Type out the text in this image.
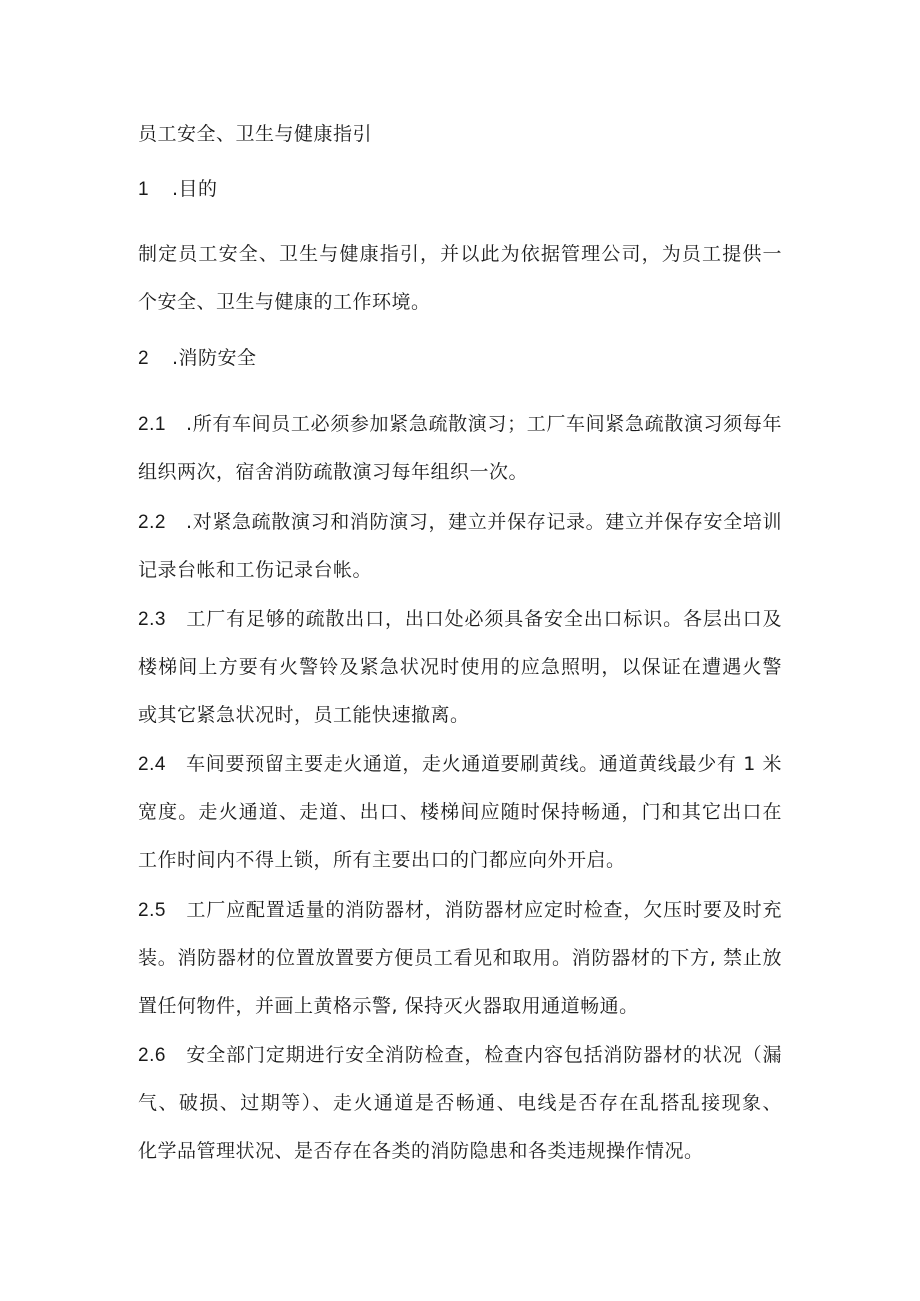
员工安全、卫生与健康指引
1 .目的
制定员工安全、卫生与健康指引，并以此为依据管理公司，为员工提供一
个安全、卫生与健康的工作环境。
2 .消防安全
2.1 .所有车间员工必须参加紧急疏散演习；工厂车间紧急疏散演习须每年
组织两次，宿舍消防疏散演习每年组织一次。
2.2 .对紧急疏散演习和消防演习，建立并保存记录。建立并保存安全培训
记录台帐和工伤记录台帐。
2.3 工厂有足够的疏散出口，出口处必须具备安全出口标识。各层出口及
楼梯间上方要有火警铃及紧急状况时使用的应急照明，以保证在遭遇火警
或其它紧急状况时，员工能快速撤离。
2.4 车间要预留主要走火通道，走火通道要刷黄线。通道黄线最少有 1 米
宽度。走火通道、走道、出口、楼梯间应随时保持畅通，门和其它出口在
工作时间内不得上锁，所有主要出口的门都应向外开启。
2.5 工厂应配置适量的消防器材，消防器材应定时检查，欠压时要及时充
装。消防器材的位置放置要方便员工看见和取用。消防器材的下方, 禁止放
置任何物件，并画上黄格示警, 保持灭火器取用通道畅通。
2.6 安全部门定期进行安全消防检查，检查内容包括消防器材的状况（漏
气、破损、过期等）、走火通道是否畅通、电线是否存在乱搭乱接现象、
化学品管理状况、是否存在各类的消防隐患和各类违规操作情况。
